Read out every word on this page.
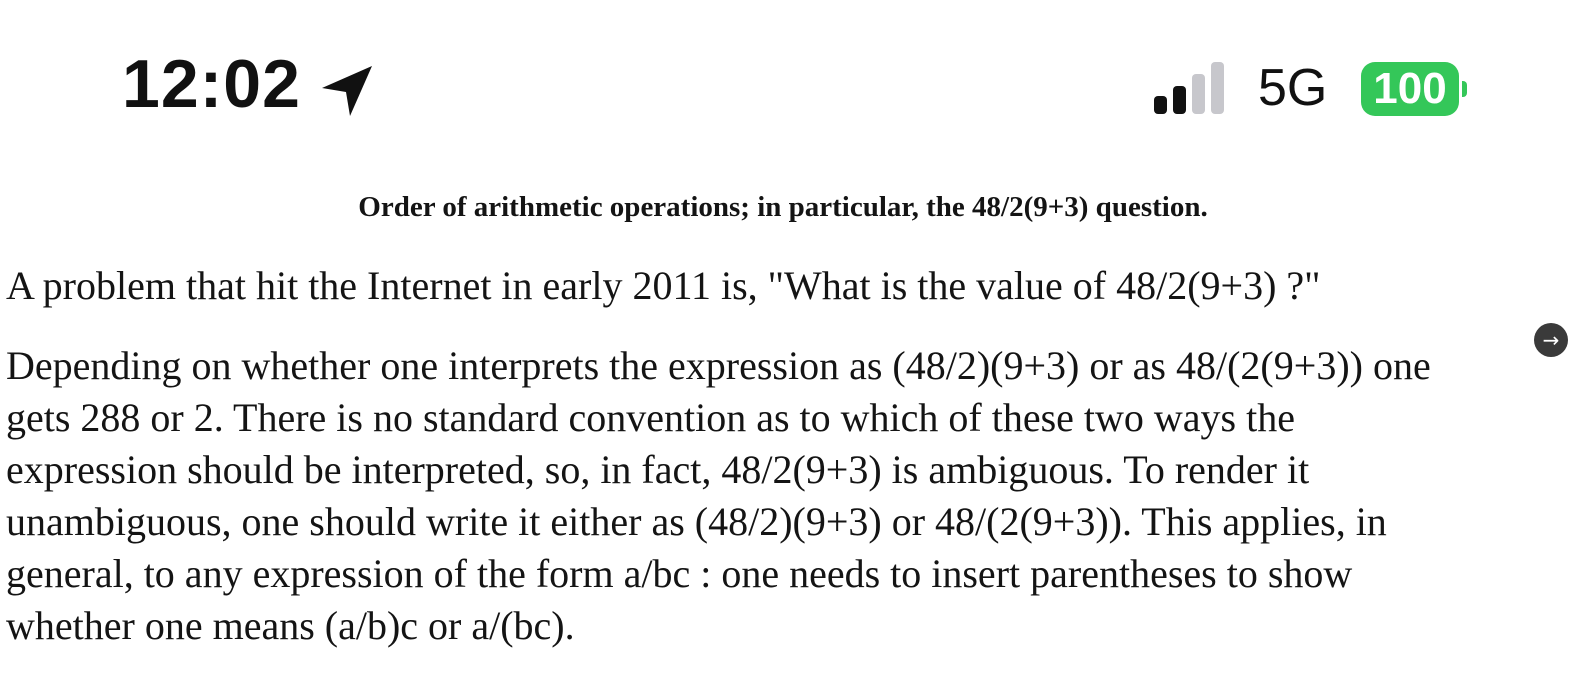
12:02	5G 100
Order of arithmetic operations; in particular, the 48/2(9+3) question.
A problem that hit the Internet in early 2011 is, "What is the value of 48/2(9+3) ?"
Depending on whether one interprets the expression as (48/2)(9+3) or as 48/(2(9+3)) one
gets 288 or 2. There is no standard convention as to which of these two ways the
expression should be interpreted, so, in fact, 48/2(9+3) is ambiguous. To render it
unambiguous, one should write it either as (48/2)(9+3) or 48/(2(9+3)). This applies, in
general, to any expression of the form a/bc : one needs to insert parentheses to show
whether one means (a/b)c or a/(bc).
→
